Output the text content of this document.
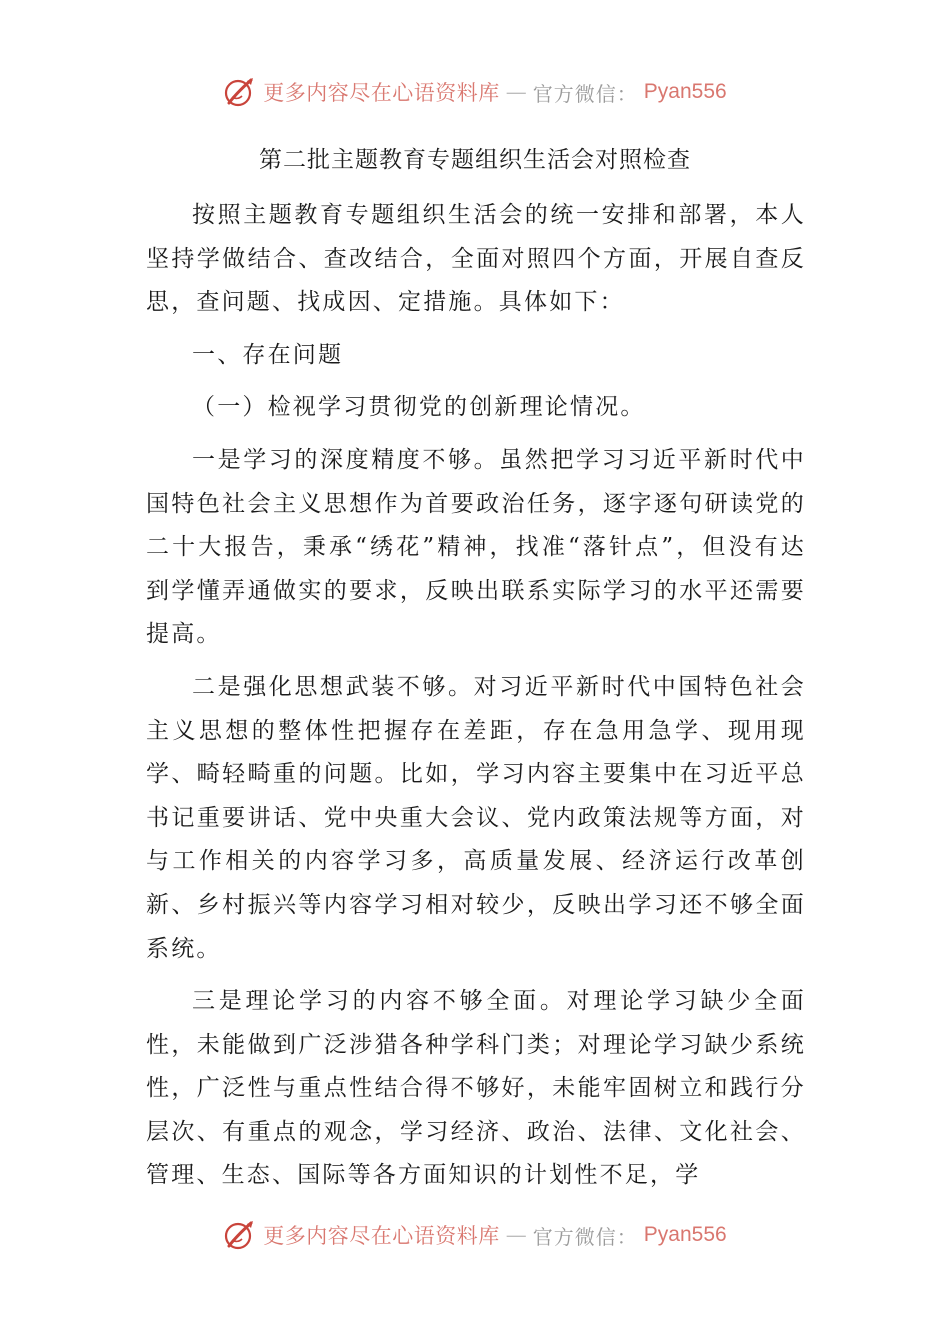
更多内容尽在心语资料库 — 官方微信： Pyan556
第二批主题教育专题组织生活会对照检查

按照主题教育专题组织生活会的统一安排和部署，本人坚持学做结合、查改结合，全面对照四个方面，开展自查反思，查问题、找成因、定措施。具体如下：

一、存在问题

（一）检视学习贯彻党的创新理论情况。

一是学习的深度精度不够。虽然把学习习近平新时代中国特色社会主义思想作为首要政治任务，逐字逐句研读党的二十大报告，秉承“绣花”精神，找准“落针点”，但没有达到学懂弄通做实的要求，反映出联系实际学习的水平还需要提高。

二是强化思想武装不够。对习近平新时代中国特色社会主义思想的整体性把握存在差距，存在急用急学、现用现学、畸轻畸重的问题。比如，学习内容主要集中在习近平总书记重要讲话、党中央重大会议、党内政策法规等方面，对与工作相关的内容学习多，高质量发展、经济运行改革创新、乡村振兴等内容学习相对较少，反映出学习还不够全面系统。

三是理论学习的内容不够全面。对理论学习缺少全面性，未能做到广泛涉猎各种学科门类；对理论学习缺少系统性，广泛性与重点性结合得不够好，未能牢固树立和践行分层次、有重点的观念，学习经济、政治、法律、文化社会、管理、生态、国际等各方面知识的计划性不足，学

更多内容尽在心语资料库 — 官方微信： Pyan556
